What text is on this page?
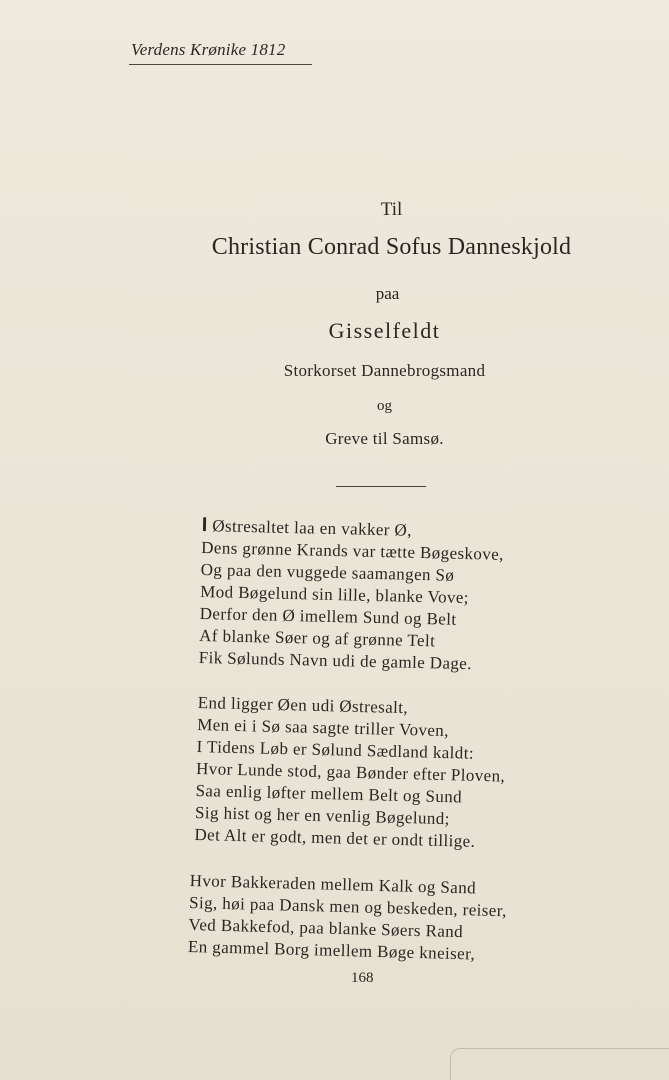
Verdens Krønike 1812
Til
Christian Conrad Sofus Danneskjold
paa
Gisselfeldt
Storkorset Dannebrogsmand
og
Greve til Samsø.
I Østresaltet laa en vakker Ø,
Dens grønne Krands var tætte Bøgeskove,
Og paa den vuggede saamangen Sø
Mod Bøgelund sin lille, blanke Vove;
Derfor den Ø imellem Sund og Belt
Af blanke Søer og af grønne Telt
Fik Sølunds Navn udi de gamle Dage.
End ligger Øen udi Østresalt,
Men ei i Sø saa sagte triller Voven,
I Tidens Løb er Sølund Sædland kaldt:
Hvor Lunde stod, gaa Bønder efter Ploven,
Saa enlig løfter mellem Belt og Sund
Sig hist og her en venlig Bøgelund;
Det Alt er godt, men det er ondt tillige.
Hvor Bakkeraden mellem Kalk og Sand
Sig, høi paa Dansk men og beskeden, reiser,
Ved Bakkefod, paa blanke Søers Rand
En gammel Borg imellem Bøge kneiser,
168
